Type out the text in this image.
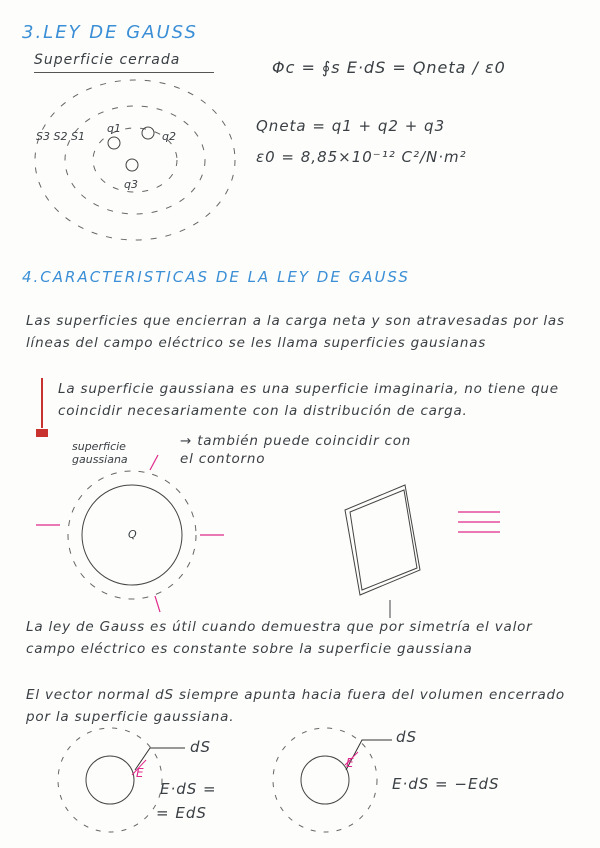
3.LEY DE GAUSS
Superficie cerrada	Φc = ∮s E·dS = Qneta / ε0
Qneta = q1 + q2 + q3
ε0 = 8,85×10⁻¹² C²/N·m²
S3 S2 S1
q1
q2
q3
4.CARACTERISTICAS DE LA LEY DE GAUSS
Las superficies que encierran a la carga neta y son atravesadas por las líneas del campo eléctrico se les llama superficies gausianas
La superficie gaussiana es una superficie imaginaria, no tiene que coincidir necesariamente con la distribución de carga.
superficie gaussiana
→ también puede coincidir con el contorno
Q
La ley de Gauss es útil cuando demuestra que por simetría el valor campo eléctrico es constante sobre la superficie gaussiana
El vector normal dS siempre apunta hacia fuera del volumen encerrado por la superficie gaussiana.
dS
E
E·dS =
= EdS
dS
E
E·dS = −EdS
